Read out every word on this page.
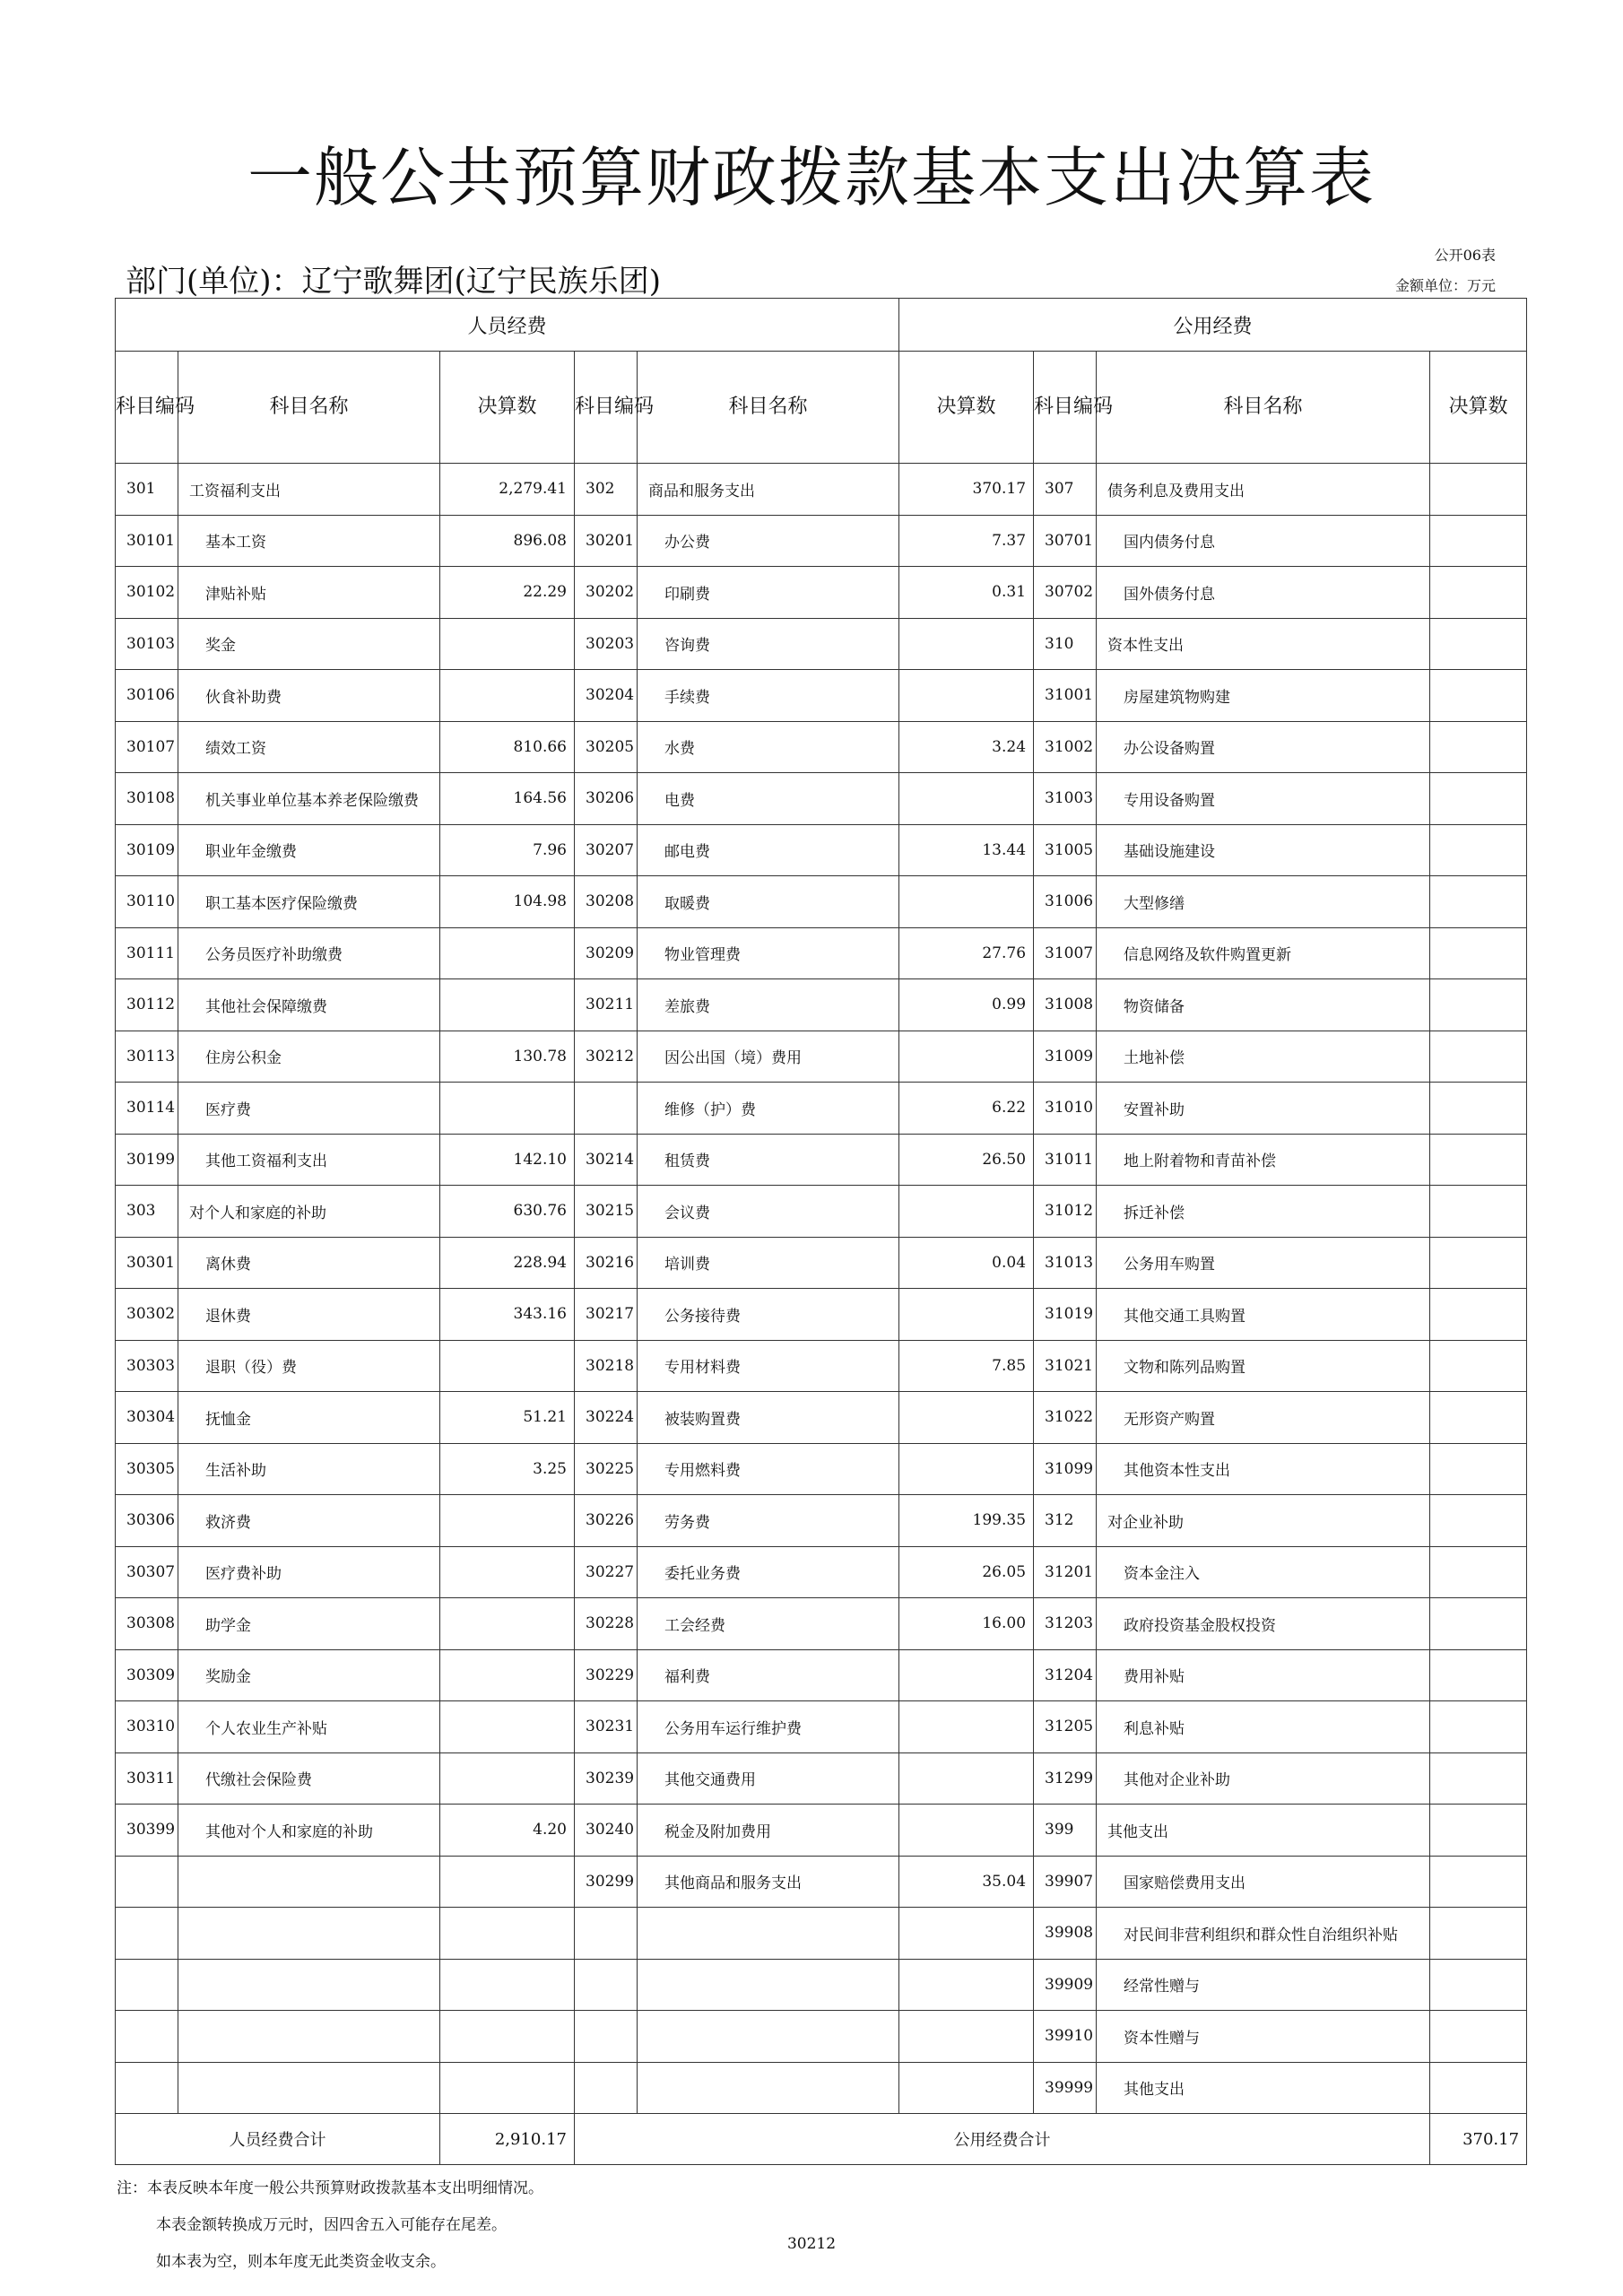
一般公共预算财政拨款基本支出决算表
部门(单位)：辽宁歌舞团(辽宁民族乐团)
公开06表
金额单位：万元
人员经费					公用经费			
科目编码	科目名称	决算数	科目编码	科目名称	决算数	科目编码	科目名称	决算数
301	工资福利支出	2,279.41	302	商品和服务支出	370.17	307	债务利息及费用支出	
30101	基本工资	896.08	30201	办公费	7.37	30701	国内债务付息	
30102	津贴补贴	22.29	30202	印刷费	0.31	30702	国外债务付息	
30103	奖金		30203	咨询费		310	资本性支出	
30106	伙食补助费		30204	手续费		31001	房屋建筑物购建	
30107	绩效工资	810.66	30205	水费	3.24	31002	办公设备购置	
30108	机关事业单位基本养老保险缴费	164.56	30206	电费		31003	专用设备购置	
30109	职业年金缴费	7.96	30207	邮电费	13.44	31005	基础设施建设	
30110	职工基本医疗保险缴费	104.98	30208	取暖费		31006	大型修缮	
30111	公务员医疗补助缴费		30209	物业管理费	27.76	31007	信息网络及软件购置更新	
30112	其他社会保障缴费		30211	差旅费	0.99	31008	物资储备	
30113	住房公积金	130.78	30212	因公出国（境）费用		31009	土地补偿	
30114	医疗费			维修（护）费	6.22	31010	安置补助	
30199	其他工资福利支出	142.10	30214	租赁费	26.50	31011	地上附着物和青苗补偿	
303	对个人和家庭的补助	630.76	30215	会议费		31012	拆迁补偿	
30301	离休费	228.94	30216	培训费	0.04	31013	公务用车购置	
30302	退休费	343.16	30217	公务接待费		31019	其他交通工具购置	
30303	退职（役）费		30218	专用材料费	7.85	31021	文物和陈列品购置	
30304	抚恤金	51.21	30224	被装购置费		31022	无形资产购置	
30305	生活补助	3.25	30225	专用燃料费		31099	其他资本性支出	
30306	救济费		30226	劳务费	199.35	312	对企业补助	
30307	医疗费补助		30227	委托业务费	26.05	31201	资本金注入	
30308	助学金		30228	工会经费	16.00	31203	政府投资基金股权投资	
30309	奖励金		30229	福利费		31204	费用补贴	
30310	个人农业生产补贴		30231	公务用车运行维护费		31205	利息补贴	
30311	代缴社会保险费		30239	其他交通费用		31299	其他对企业补助	
30399	其他对个人和家庭的补助	4.20	30240	税金及附加费用		399	其他支出	
			30299	其他商品和服务支出	35.04	39907	国家赔偿费用支出	
						39908	对民间非营利组织和群众性自治组织补贴	
						39909	经常性赠与	
						39910	资本性赠与	
						39999	其他支出	
人员经费合计		2,910.17	公用经费合计					370.17
注：本表反映本年度一般公共预算财政拨款基本支出明细情况。
本表金额转换成万元时，因四舍五入可能存在尾差。
如本表为空，则本年度无此类资金收支余。
30212
